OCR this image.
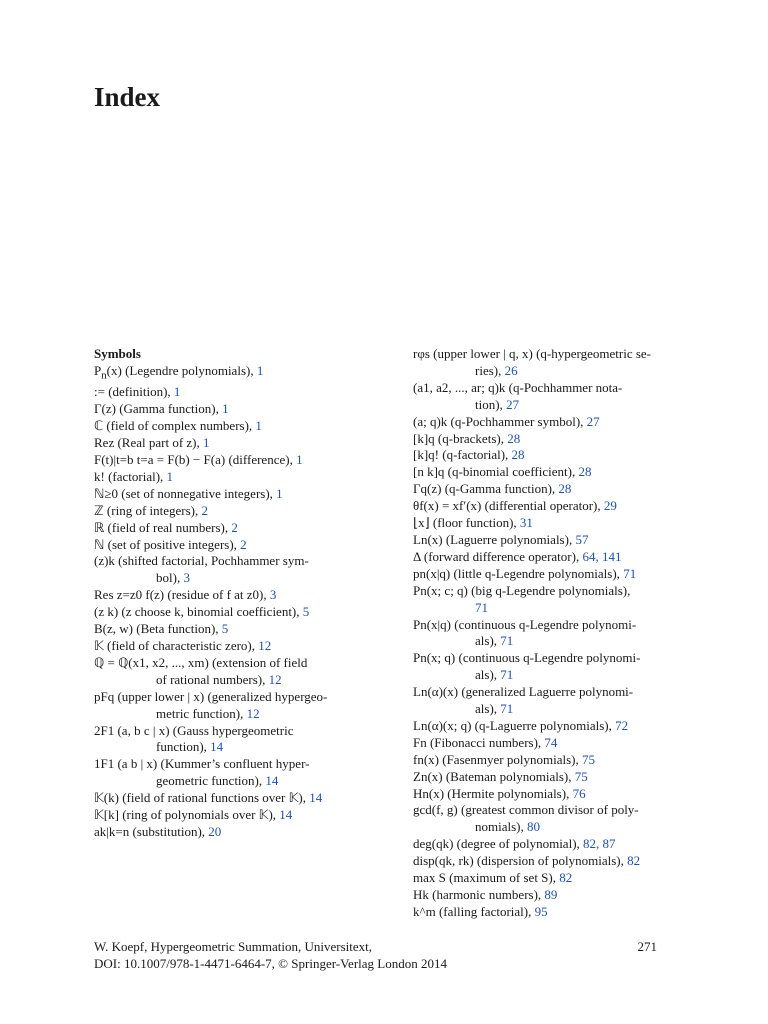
Index
Symbols
$P_n(x)$ (Legendre polynomials), 1
:= (definition), 1
Γ(z) (Gamma function), 1
ℂ (field of complex numbers), 1
Rez (Real part of z), 1
F(t)|t=b t=a = F(b) − F(a) (difference), 1
k! (factorial), 1
ℕ≥0 (set of nonnegative integers), 1
ℤ (ring of integers), 2
ℝ (field of real numbers), 2
ℕ (set of positive integers), 2
(z)k (shifted factorial, Pochhammer sym-
bol), 3
Res z=z0 f(z) (residue of f at z0), 3
(z k) (z choose k, binomial coefficient), 5
B(z, w) (Beta function), 5
𝕂 (field of characteristic zero), 12
ℚ = ℚ(x1, x2, ..., xm) (extension of field
of rational numbers), 12
pFq (upper lower | x) (generalized hypergeo-
metric function), 12
2F1 (a, b c | x) (Gauss hypergeometric
function), 14
1F1 (a b | x) (Kummer’s confluent hyper-
geometric function), 14
𝕂(k) (field of rational functions over 𝕂), 14
𝕂[k] (ring of polynomials over 𝕂), 14
ak|k=n (substitution), 20
rφs (upper lower | q, x) (q-hypergeometric se-
ries), 26
(a1, a2, ..., ar; q)k (q-Pochhammer nota-
tion), 27
(a; q)k (q-Pochhammer symbol), 27
[k]q (q-brackets), 28
[k]q! (q-factorial), 28
[n k]q (q-binomial coefficient), 28
Γq(z) (q-Gamma function), 28
θf(x) = xf′(x) (differential operator), 29
⌊x⌋ (floor function), 31
Ln(x) (Laguerre polynomials), 57
Δ (forward difference operator), 64, 141
pn(x|q) (little q-Legendre polynomials), 71
Pn(x; c; q) (big q-Legendre polynomials),
71
Pn(x|q) (continuous q-Legendre polynomi-
als), 71
Pn(x; q) (continuous q-Legendre polynomi-
als), 71
Ln(α)(x) (generalized Laguerre polynomi-
als), 71
Ln(α)(x; q) (q-Laguerre polynomials), 72
Fn (Fibonacci numbers), 74
fn(x) (Fasenmyer polynomials), 75
Zn(x) (Bateman polynomials), 75
Hn(x) (Hermite polynomials), 76
gcd(f, g) (greatest common divisor of poly-
nomials), 80
deg(qk) (degree of polynomial), 82, 87
disp(qk, rk) (dispersion of polynomials), 82
max S (maximum of set S), 82
Hk (harmonic numbers), 89
k^m (falling factorial), 95
W. Koepf, Hypergeometric Summation, Universitext,
DOI: 10.1007/978-1-4471-6464-7, © Springer-Verlag London 2014
271
